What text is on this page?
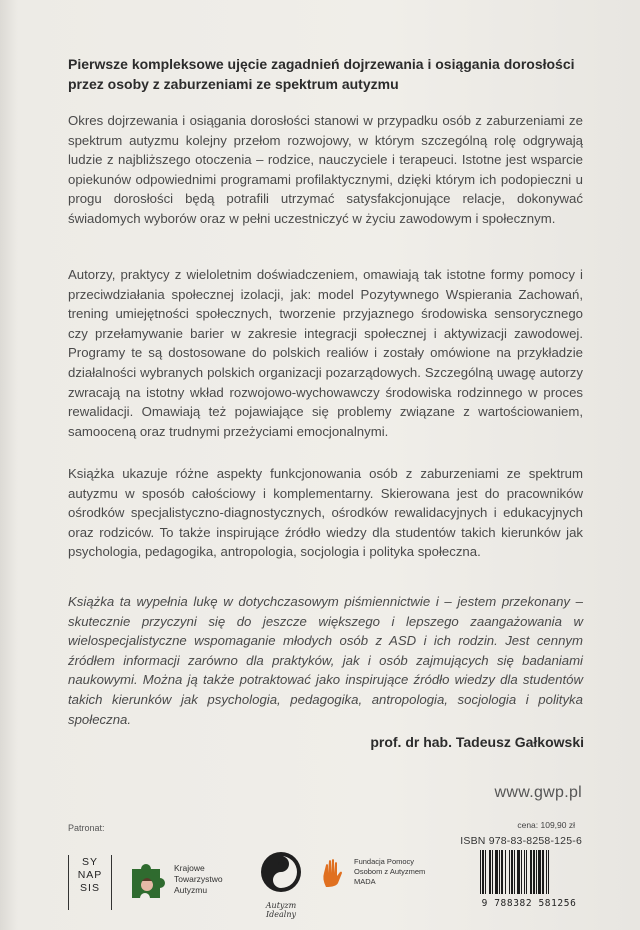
Pierwsze kompleksowe ujęcie zagadnień dojrzewania i osiągania dorosłości
przez osoby z zaburzeniami ze spektrum autyzmu
Okres dojrzewania i osiągania dorosłości stanowi w przypadku osób z zaburzeniami ze spektrum autyzmu kolejny przełom rozwojowy, w którym szczególną rolę odgrywają ludzie z najbliższego otoczenia – rodzice, nauczyciele i terapeuci. Istotne jest wsparcie opiekunów odpowiednimi programami profilaktycznymi, dzięki którym ich podopieczni u progu dorosłości będą potrafili utrzymać satysfakcjonujące relacje, dokonywać świadomych wyborów oraz w pełni uczestniczyć w życiu zawodowym i społecznym.
Autorzy, praktycy z wieloletnim doświadczeniem, omawiają tak istotne formy pomocy i przeciwdziałania społecznej izolacji, jak: model Pozytywnego Wspierania Zachowań, trening umiejętności społecznych, tworzenie przyjaznego środowiska sensorycznego czy przełamywanie barier w zakresie integracji społecznej i aktywizacji zawodowej. Programy te są dostosowane do polskich realiów i zostały omówione na przykładzie działalności wybranych polskich organizacji pozarządowych. Szczególną uwagę autorzy zwracają na istotny wkład rozwojowo-wychowawczy środowiska rodzinnego w proces rewalidacji. Omawiają też pojawiające się problemy związane z wartościowaniem, samooceną oraz trudnymi przeżyciami emocjonalnymi.
Książka ukazuje różne aspekty funkcjonowania osób z zaburzeniami ze spektrum autyzmu w sposób całościowy i komplementarny. Skierowana jest do pracowników ośrodków specjalistyczno-diagnostycznych, ośrodków rewalidacyjnych i edukacyjnych oraz rodziców. To także inspirujące źródło wiedzy dla studentów takich kierunków jak psychologia, pedagogika, antropologia, socjologia i polityka społeczna.
Książka ta wypełnia lukę w dotychczasowym piśmiennictwie i – jestem przekonany – skutecznie przyczyni się do jeszcze większego i lepszego zaangażowania w wielospecjalistyczne wspomaganie młodych osób z ASD i ich rodzin. Jest cennym źródłem informacji zarówno dla praktyków, jak i osób zajmujących się badaniami naukowymi. Można ją także potraktować jako inspirujące źródło wiedzy dla studentów takich kierunków jak psychologia, pedagogika, antropologia, socjologia i polityka społeczna.
prof. dr hab. Tadeusz Gałkowski
www.gwp.pl
Patronat:
SY
NAP
SIS
Krajowe
Towarzystwo
Autyzmu
Autyzm Idealny
Fundacja Pomocy
Osobom z Autyzmem
MADA
cena: 109,90 zł
ISBN 978-83-8258-125-6
9 788382 581256
